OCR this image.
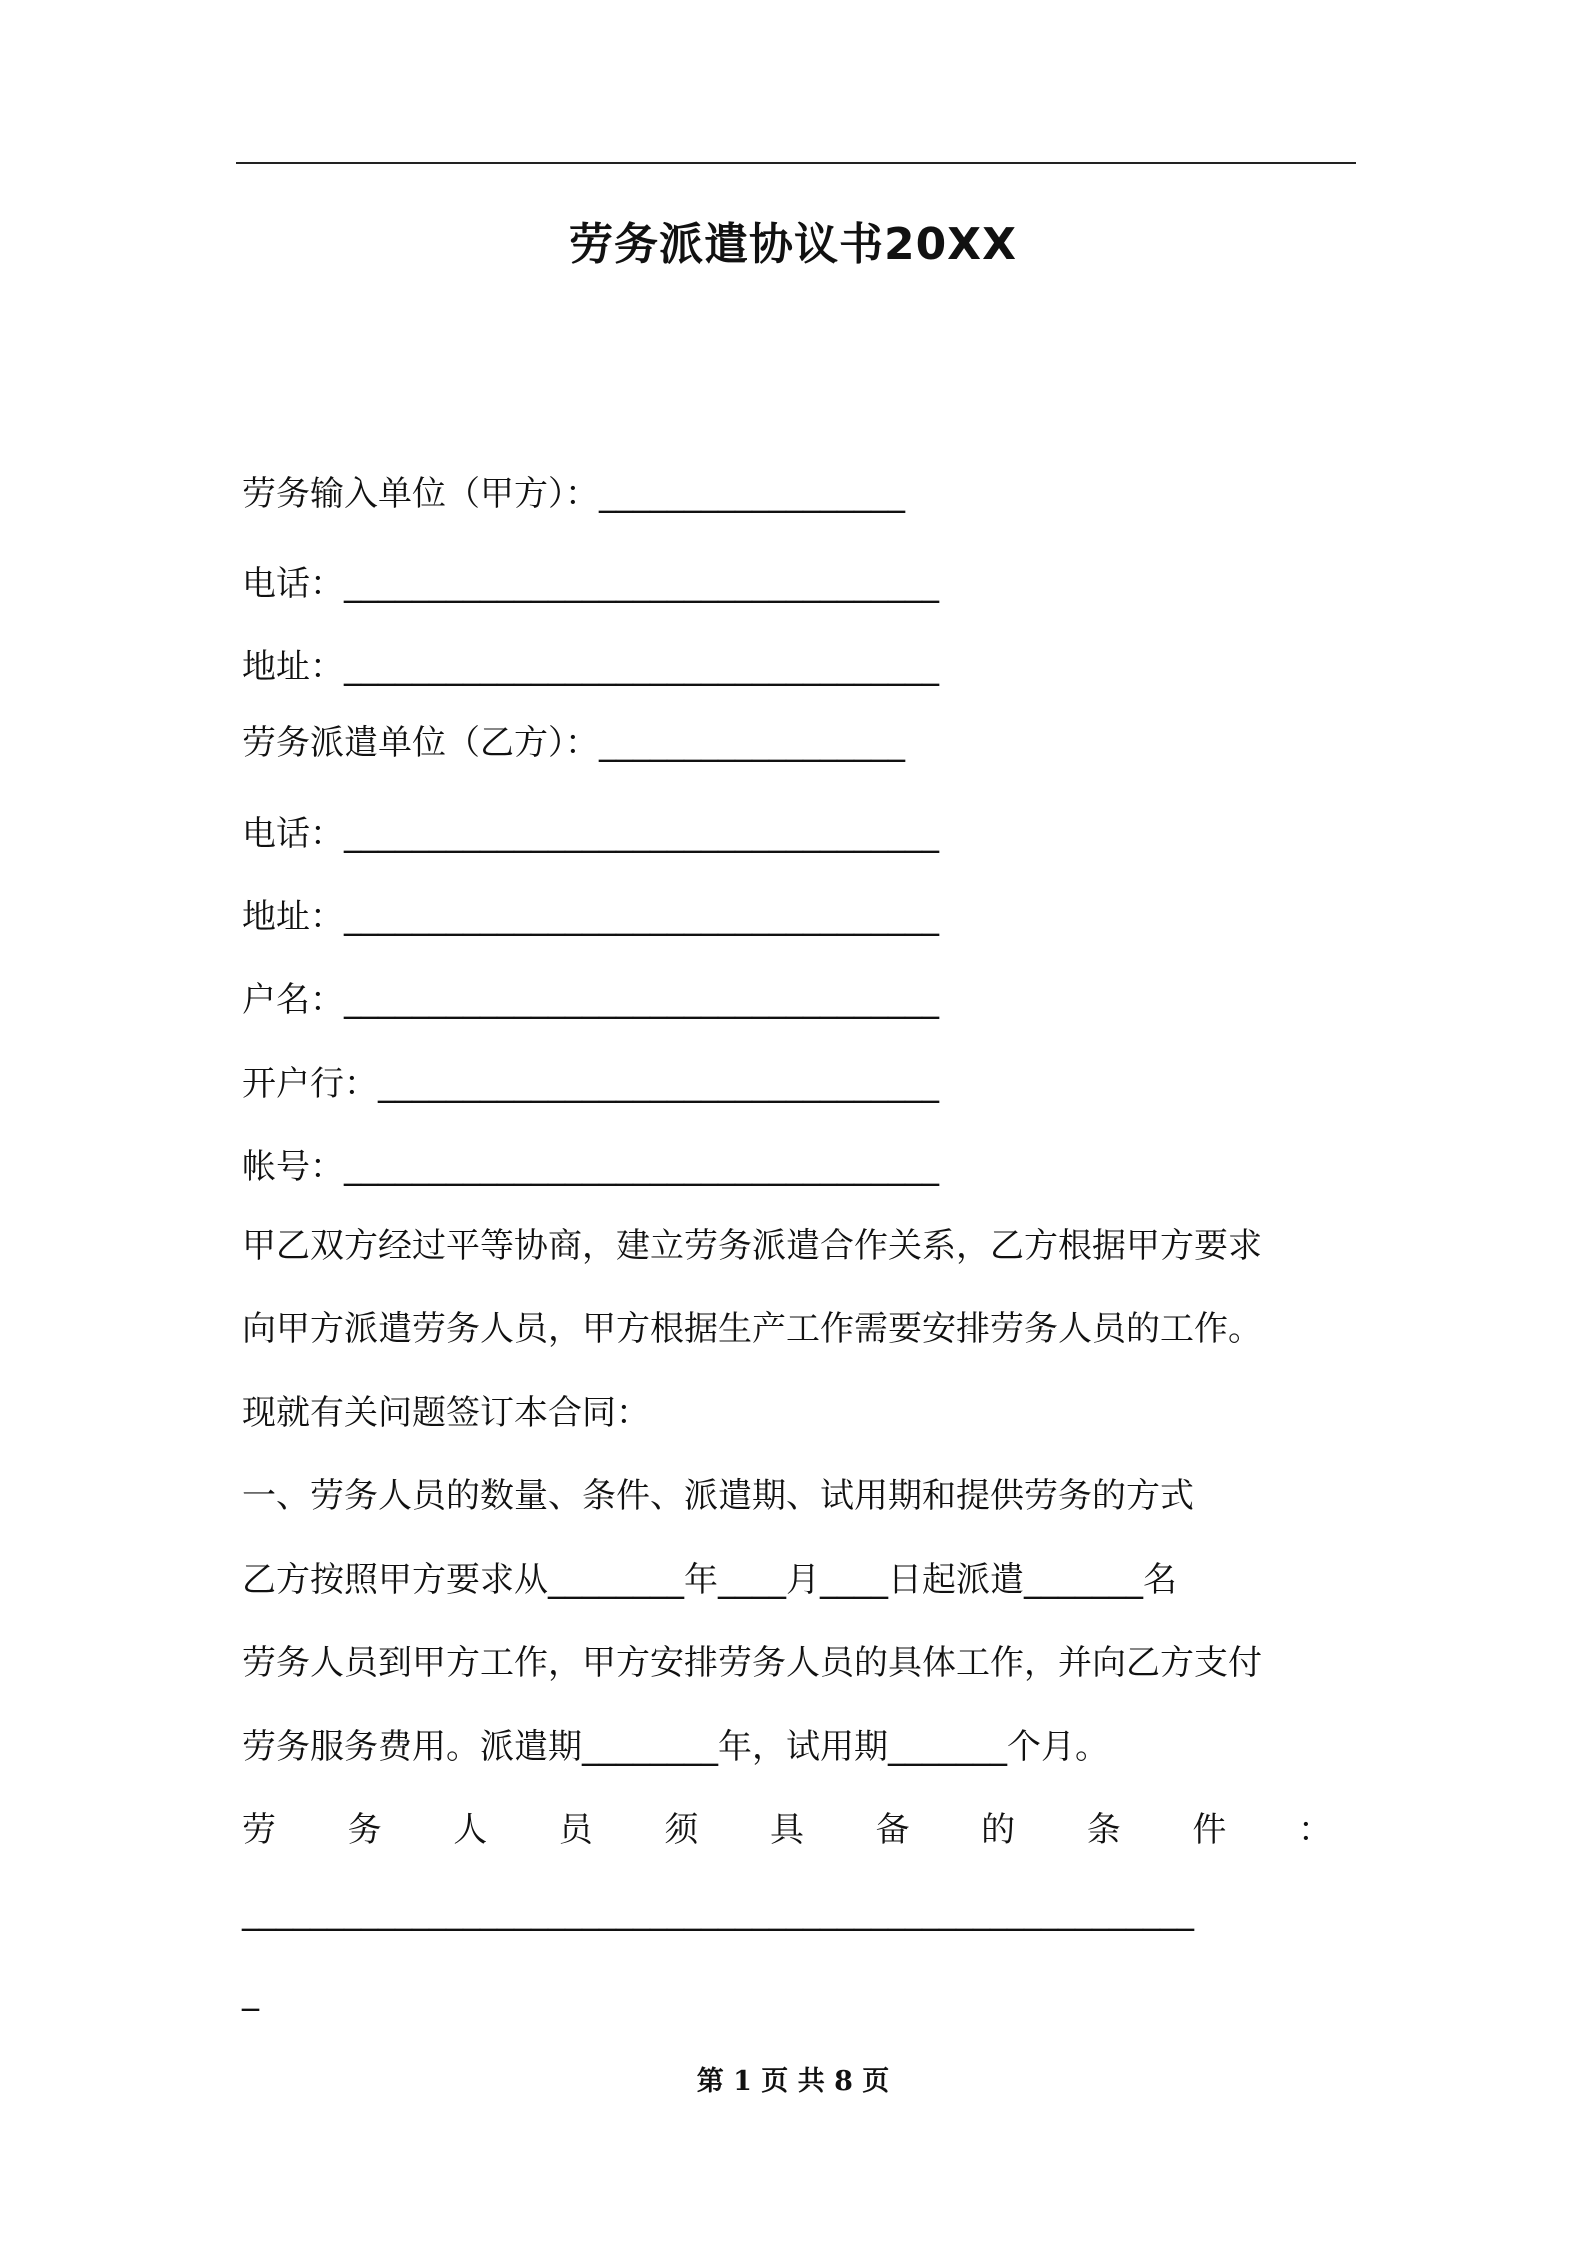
劳务派遣协议书20XX
劳务输入单位（甲方）：__________________
电话：___________________________________
地址：___________________________________
劳务派遣单位（乙方）：__________________
电话：___________________________________
地址：___________________________________
户名：___________________________________
开户行：_________________________________
帐号：___________________________________
甲乙双方经过平等协商，建立劳务派遣合作关系，乙方根据甲方要求
向甲方派遣劳务人员，甲方根据生产工作需要安排劳务人员的工作。
现就有关问题签订本合同：
一、劳务人员的数量、条件、派遣期、试用期和提供劳务的方式
乙方按照甲方要求从________年____月____日起派遣_______名
劳务人员到甲方工作，甲方安排劳务人员的具体工作，并向乙方支付
劳务服务费用。派遣期________年，试用期_______个月。
劳 务 人 员 须 具 备 的 条 件 ：
________________________________________________________
_
第 1 页 共 8 页
